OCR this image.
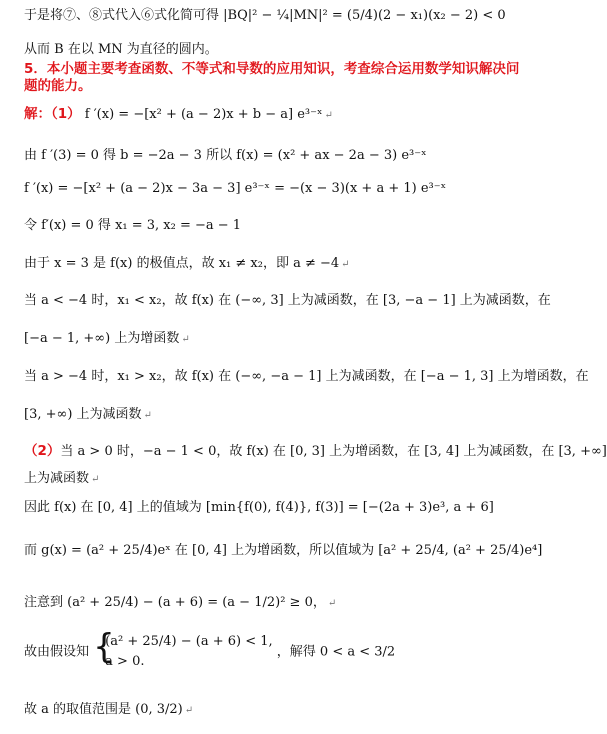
于是将⑦、⑧式代入⑥式化简可得 |BQ|² − ¼|MN|² = (5/4)(2 − x₁)(x₂ − 2) < 0
从而 B 在以 MN 为直径的圆内。
5．本小题主要考查函数、不等式和导数的应用知识，考查综合运用数学知识解决问题的能力。
解：（1） f ′(x) = −[x² + (a − 2)x + b − a] e³⁻ˣ ↵
由 f ′(3) = 0 得 b = −2a − 3 所以 f(x) = (x² + ax − 2a − 3) e³⁻ˣ
f ′(x) = −[x² + (a − 2)x − 3a − 3] e³⁻ˣ = −(x − 3)(x + a + 1) e³⁻ˣ
令 f′(x) = 0 得 x₁ = 3, x₂ = −a − 1
由于 x = 3 是 f(x) 的极值点，故 x₁ ≠ x₂，即 a ≠ −4 ↵
当 a < −4 时，x₁ < x₂，故 f(x) 在 (−∞, 3] 上为减函数，在 [3, −a − 1] 上为减函数，在
[−a − 1, +∞) 上为增函数 ↵
当 a > −4 时，x₁ > x₂，故 f(x) 在 (−∞, −a − 1] 上为减函数，在 [−a − 1, 3] 上为增函数，在
[3, +∞) 上为减函数 ↵
（2）当 a > 0 时，−a − 1 < 0，故 f(x) 在 [0, 3] 上为增函数，在 [3, 4] 上为减函数，在 [3, +∞]
上为减函数 ↵
因此 f(x) 在 [0, 4] 上的值域为 [min{f(0), f(4)}, f(3)] = [−(2a + 3)e³, a + 6]
而 g(x) = (a² + 25/4)eˣ 在 [0, 4] 上为增函数，所以值域为 [a² + 25/4, (a² + 25/4)e⁴]
注意到 (a² + 25/4) − (a + 6) = (a − 1/2)² ≥ 0， ↵
故由假设知 {
(a² + 25/4) − (a + 6) < 1,
a > 0.
，解得 0 < a < 3/2
故 a 的取值范围是 (0, 3/2) ↵
